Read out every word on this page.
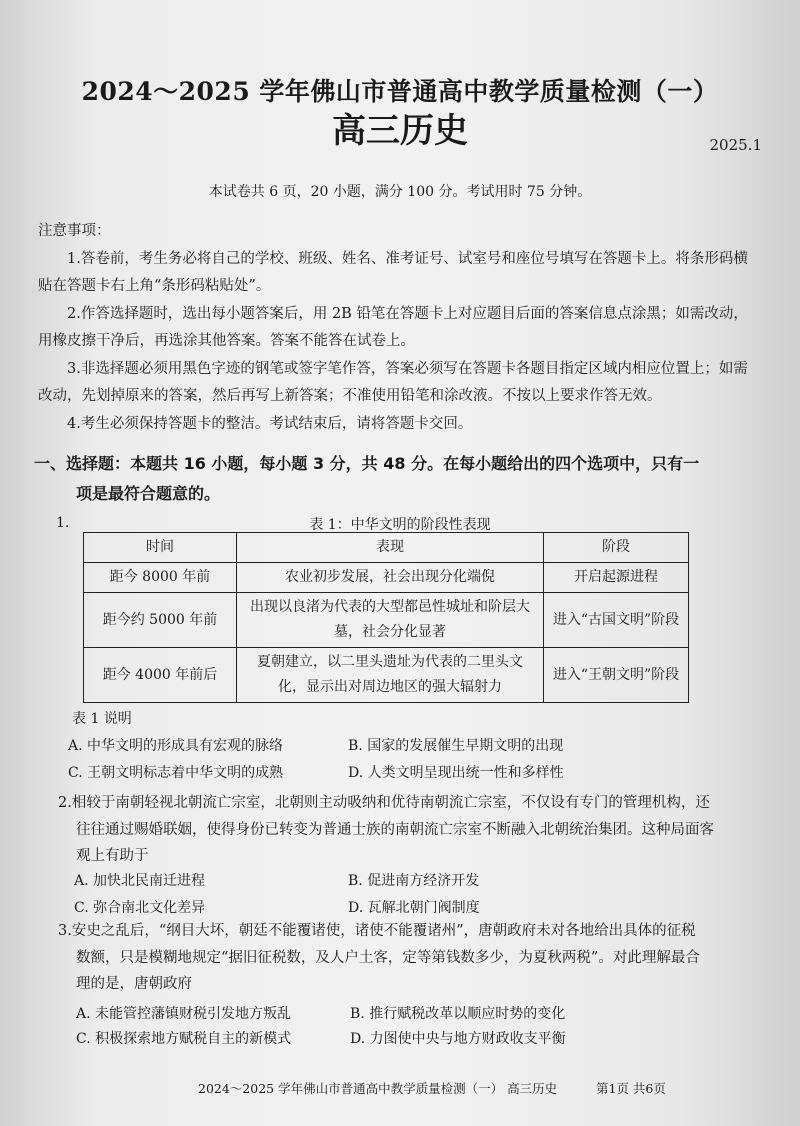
2024～2025 学年佛山市普通高中教学质量检测（一）
高三历史	2025.1
本试卷共 6 页，20 小题，满分 100 分。考试用时 75 分钟。

注意事项：

1.答卷前，考生务必将自己的学校、班级、姓名、准考证号、试室号和座位号填写在答题卡上。将条形码横贴在答题卡右上角“条形码粘贴处”。

2.作答选择题时，选出每小题答案后，用 2B 铅笔在答题卡上对应题目后面的答案信息点涂黑；如需改动，用橡皮擦干净后，再选涂其他答案。答案不能答在试卷上。

3.非选择题必须用黑色字迹的钢笔或签字笔作答，答案必须写在答题卡各题目指定区域内相应位置上；如需改动，先划掉原来的答案，然后再写上新答案；不准使用铅笔和涂改液。不按以上要求作答无效。

4.考生必须保持答题卡的整洁。考试结束后，请将答题卡交回。

一、选择题：本题共 16 小题，每小题 3 分，共 48 分。在每小题给出的四个选项中，只有一
项是最符合题意的。
1.	表 1：中华文明的阶段性表现
时间	表现	阶段
距今 8000 年前	农业初步发展，社会出现分化端倪	开启起源进程
距今约 5000 年前	出现以良渚为代表的大型都邑性城址和阶层大墓，社会分化显著	进入“古国文明”阶段
距今 4000 年前后	夏朝建立，以二里头遗址为代表的二里头文化，显示出对周边地区的强大辐射力	进入“王朝文明”阶段
表 1 说明
A. 中华文明的形成具有宏观的脉络	B. 国家的发展催生早期文明的出现
C. 王朝文明标志着中华文明的成熟	D. 人类文明呈现出统一性和多样性
2.相较于南朝轻视北朝流亡宗室，北朝则主动吸纳和优待南朝流亡宗室，不仅设有专门的管理机构，还
往往通过赐婚联姻，使得身份已转变为普通士族的南朝流亡宗室不断融入北朝统治集团。这种局面客
观上有助于
A. 加快北民南迁进程	B. 促进南方经济开发
C. 弥合南北文化差异	D. 瓦解北朝门阀制度
3.安史之乱后，“纲目大坏，朝廷不能覆诸使，诸使不能覆诸州”，唐朝政府未对各地给出具体的征税
数额，只是模糊地规定“据旧征税数，及人户土客，定等第钱数多少，为夏秋两税”。对此理解最合
理的是，唐朝政府
A. 未能管控藩镇财税引发地方叛乱	B. 推行赋税改革以顺应时势的变化
C. 积极探索地方赋税自主的新模式	D. 力图使中央与地方财政收支平衡
2024～2025 学年佛山市普通高中教学质量检测（一） 高三历史	第1页 共6页
